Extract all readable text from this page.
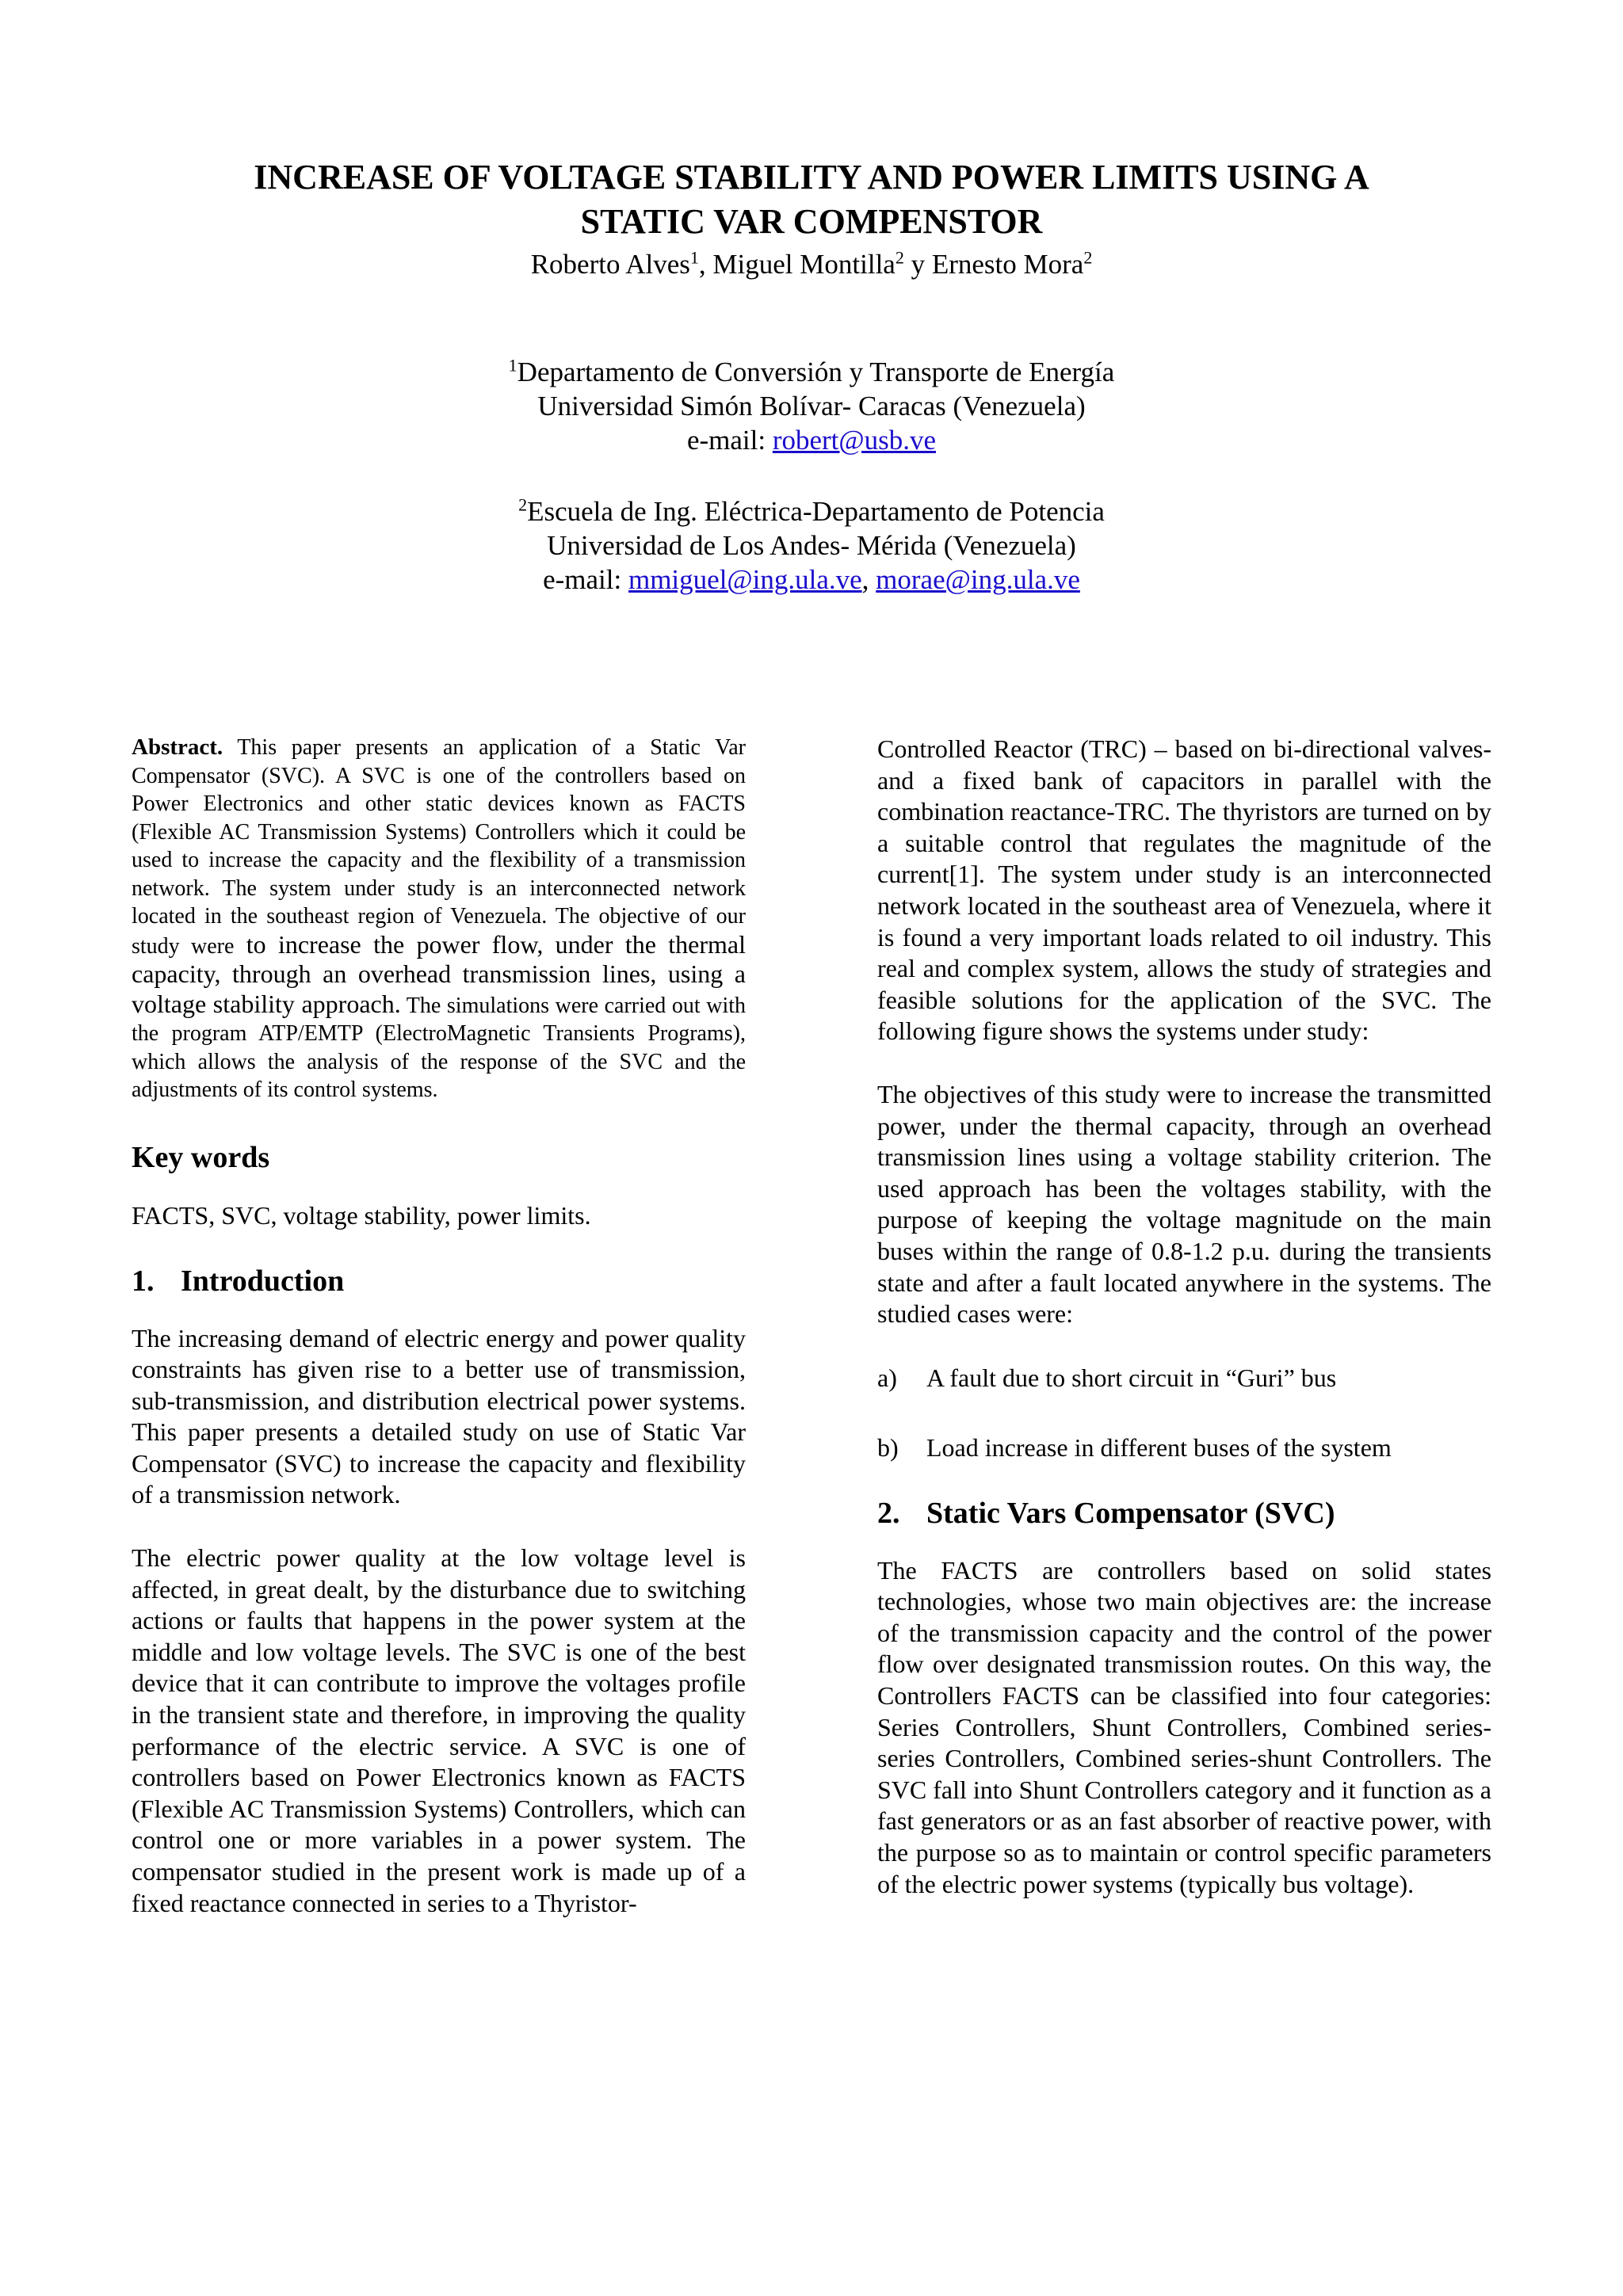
INCREASE OF VOLTAGE STABILITY AND POWER LIMITS USING A
STATIC VAR COMPENSTOR
Roberto Alves$^1$, Miguel Montilla$^2$ y Ernesto Mora$^2$
$^1$Departamento de Conversión y Transporte de Energía
Universidad Simón Bolívar- Caracas (Venezuela)
e-mail: robert@usb.ve
$^2$Escuela de Ing. Eléctrica-Departamento de Potencia
Universidad de Los Andes- Mérida (Venezuela)
e-mail: mmiguel@ing.ula.ve, morae@ing.ula.ve

Abstract. This paper presents an application of a Static Var Compensator (SVC). A SVC is one of the controllers based on Power Electronics and other static devices known as FACTS (Flexible AC Transmission Systems) Controllers which it could be used to increase the capacity and the flexibility of a transmission network. The system under study is an interconnected network located in the southeast region of Venezuela. The objective of our study were to increase the power flow, under the thermal capacity, through an overhead transmission lines, using a voltage stability approach. The simulations were carried out with the program ATP/EMTP (ElectroMagnetic Transients Programs), which allows the analysis of the response of the SVC and the adjustments of its control systems.

Key words

FACTS, SVC, voltage stability, power limits.

1. Introduction

The increasing demand of electric energy and power quality constraints has given rise to a better use of transmission, sub-transmission, and distribution electrical power systems. This paper presents a detailed study on use of Static Var Compensator (SVC) to increase the capacity and flexibility of a transmission network.

The electric power quality at the low voltage level is affected, in great dealt, by the disturbance due to switching actions or faults that happens in the power system at the middle and low voltage levels. The SVC is one of the best device that it can contribute to improve the voltages profile in the transient state and therefore, in improving the quality performance of the electric service. A SVC is one of controllers based on Power Electronics known as FACTS (Flexible AC Transmission Systems) Controllers, which can control one or more variables in a power system. The compensator studied in the present work is made up of a fixed reactance connected in series to a Thyristor-

Controlled Reactor (TRC) – based on bi-directional valves- and a fixed bank of capacitors in parallel with the combination reactance-TRC. The thyristors are turned on by a suitable control that regulates the magnitude of the current[1]. The system under study is an interconnected network located in the southeast area of Venezuela, where it is found a very important loads related to oil industry. This real and complex system, allows the study of strategies and feasible solutions for the application of the SVC. The following figure shows the systems under study:

The objectives of this study were to increase the transmitted power, under the thermal capacity, through an overhead transmission lines using a voltage stability criterion. The used approach has been the voltages stability, with the purpose of keeping the voltage magnitude on the main buses within the range of 0.8-1.2 p.u. during the transients state and after a fault located anywhere in the systems. The studied cases were:

a) A fault due to short circuit in “Guri” bus

b) Load increase in different buses of the system

2. Static Vars Compensator (SVC)

The FACTS are controllers based on solid states technologies, whose two main objectives are: the increase of the transmission capacity and the control of the power flow over designated transmission routes. On this way, the Controllers FACTS can be classified into four categories: Series Controllers, Shunt Controllers, Combined series-series Controllers, Combined series-shunt Controllers. The SVC fall into Shunt Controllers category and it function as a fast generators or as an fast absorber of reactive power, with the purpose so as to maintain or control specific parameters of the electric power systems (typically bus voltage).
